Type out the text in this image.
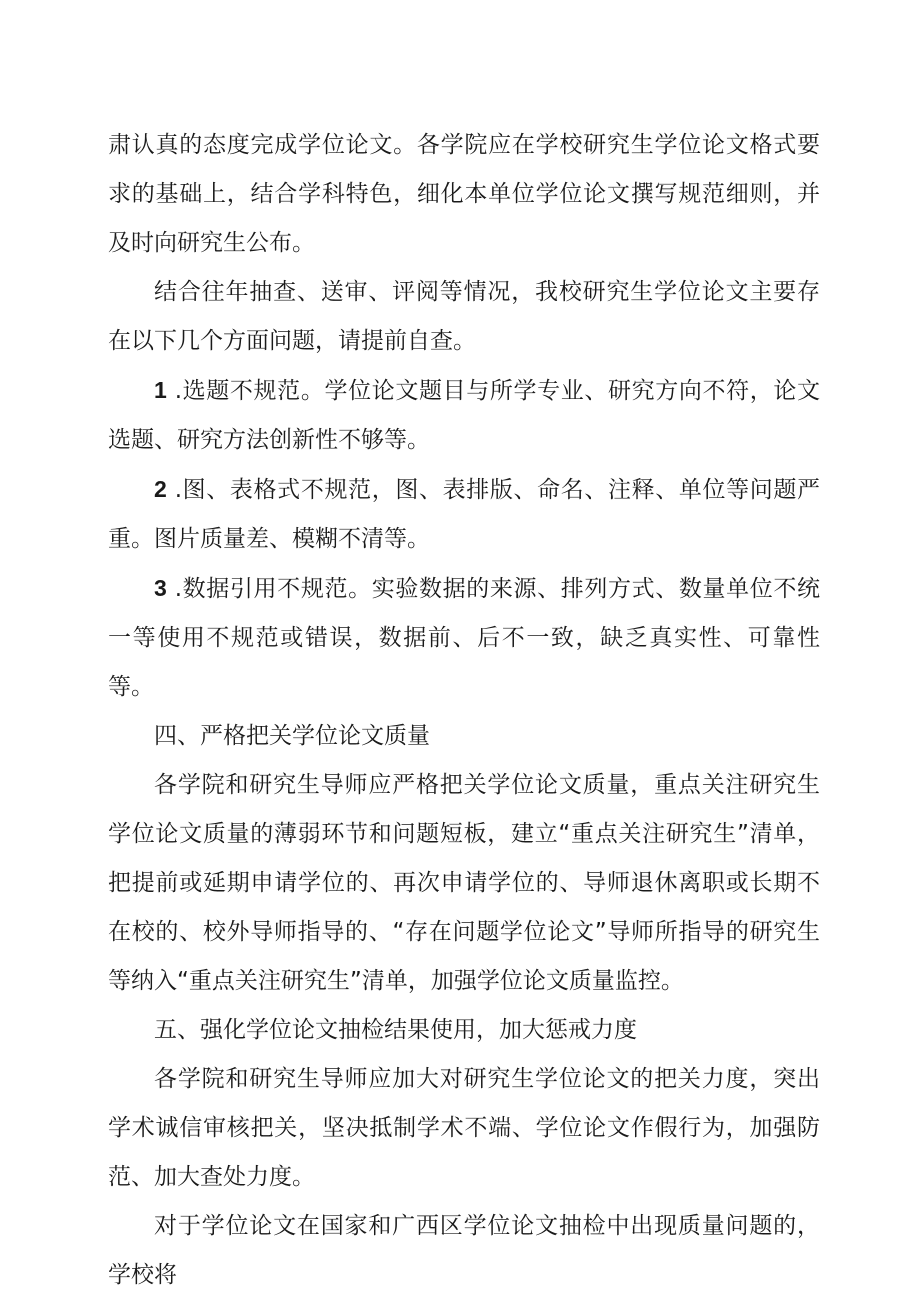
肃认真的态度完成学位论文。各学院应在学校研究生学位论文格式要求的基础上，结合学科特色，细化本单位学位论文撰写规范细则，并及时向研究生公布。

结合往年抽查、送审、评阅等情况，我校研究生学位论文主要存在以下几个方面问题，请提前自查。

1 .选题不规范。学位论文题目与所学专业、研究方向不符，论文选题、研究方法创新性不够等。

2 .图、表格式不规范，图、表排版、命名、注释、单位等问题严重。图片质量差、模糊不清等。

3 .数据引用不规范。实验数据的来源、排列方式、数量单位不统一等使用不规范或错误，数据前、后不一致，缺乏真实性、可靠性等。

四、严格把关学位论文质量

各学院和研究生导师应严格把关学位论文质量，重点关注研究生学位论文质量的薄弱环节和问题短板，建立“重点关注研究生”清单，把提前或延期申请学位的、再次申请学位的、导师退休离职或长期不在校的、校外导师指导的、“存在问题学位论文”导师所指导的研究生等纳入“重点关注研究生”清单，加强学位论文质量监控。

五、强化学位论文抽检结果使用，加大惩戒力度

各学院和研究生导师应加大对研究生学位论文的把关力度，突出学术诚信审核把关，坚决抵制学术不端、学位论文作假行为，加强防范、加大查处力度。

对于学位论文在国家和广西区学位论文抽检中出现质量问题的，学校将
